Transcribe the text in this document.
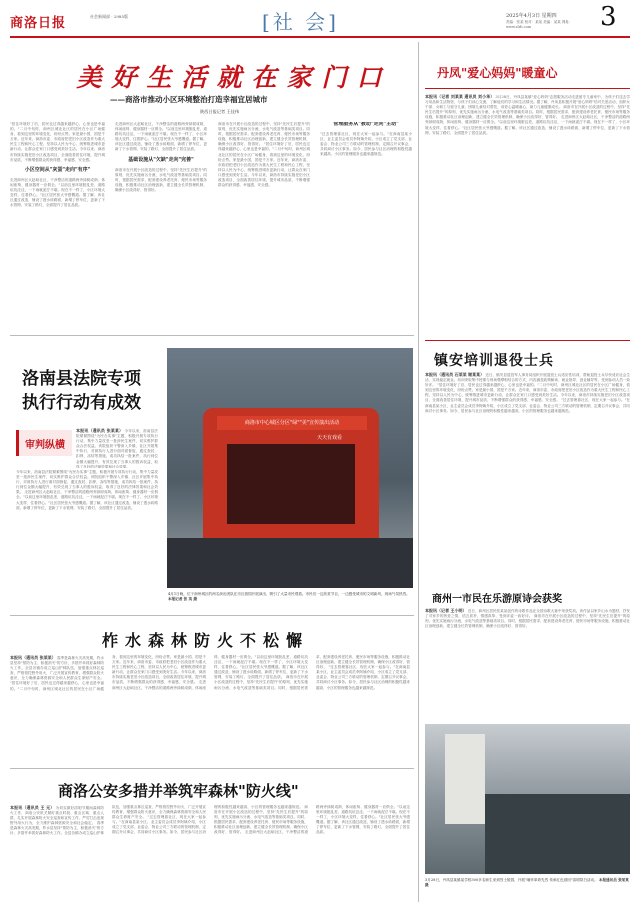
商洛日报	社会新闻部 · 2985版	[社 会]	2025年4月3日 星期四
责编：张某 校对：某某 美编：某某 网址：www.slrb.com	3
美好生活就在家门口
——商洛市推动小区环境整治打造幸福宜居城市
陕西日报记者 王佳伟
"居住环境好了后，居民也过得越来越舒心，心里也是幸福的。"二月中旬时，商州区城北社区的居民在小区广场健身，看到这里的环境变化，纷纷点赞。家是最小国，国是千万家。近年来，商洛市委、市政府把老旧小区改造作为重大民生工程和民心工程，坚持以人民为中心，统筹推进城市更新行动，让群众在家门口感受到美好生活。今年以来，商洛市持续实施老旧小区改造项目，全面改善居住环境，提升城市品质，不断增强群众的获得感、幸福感、安全感。
小区空间从"灰蛋"走向"有序"
走进商州区大赵峪社区，干净整洁的道路两旁绿树成荫，休闲座椅、健身器材一应俱全。"以前这里环境脏乱差，道路坑坑洼洼，一下雨就泥泞不堪。现在不一样了，小区环境大变样，住着舒心。"社区居民张大爷感慨道。据了解，该社区通过改造，铺设了透水砖路面，新增了停车位，更新了下水管网，安装了路灯，全面提升了居住品质。
走进商州区大赵峪社区，干净整洁的道路两旁绿树成荫，休闲座椅、健身器材一应俱全。"以前这里环境脏乱差，道路坑坑洼洼，一下雨就泥泞不堪。现在不一样了，小区环境大变样，住着舒心。"社区居民张大爷感慨道。据了解，该社区通过改造，铺设了透水砖路面，新增了停车位，更新了下水管网，安装了路灯，全面提升了居住品质。
基础设施从"欠缺"走向"完善"
商洛市在开展小区改造的过程中，坚持"先民生后提升"的原则，优先实施雨污分流、水电气改造等基础类项目。同时，根据居民需求，配套建设养老托育、便民市场等服务设施，积极推动社区治理创新，建立健全长效管理机制，确保小区改得好、管得好。
商洛市在开展小区改造的过程中，坚持"先民生后提升"的原则，优先实施雨污分流、水电气改造等基础类项目。同时，根据居民需求，配套建设养老托育、便民市场等服务设施，积极推动社区治理创新，建立健全长效管理机制，确保小区改得好、管得好。 "居住环境好了后，居民也过得越来越舒心，心里也是幸福的。"二月中旬时，商州区城北社区的居民在小区广场健身，看到这里的环境变化，纷纷点赞。家是最小国，国是千万家。近年来，商洛市委、市政府把老旧小区改造作为重大民生工程和民心工程，坚持以人民为中心，统筹推进城市更新行动，让群众在家门口感受到美好生活。今年以来，商洛市持续实施老旧小区改造项目，全面改善居住环境，提升城市品质，不断增强群众的获得感、幸福感、安全感。
管理服务从"被动"走向"主动"
"过去管理靠社区，现在大家一起参与。"在商南县某小区，业主委员会成员李阿姨介绍，小区成立了党支部、业委会、物业公司三方联动的管理机制，定期召开议事会，共同商讨小区事务。如今，居民参与社区治理的积极性越来越高，小区的管理服务也越来越规范。
丹凤"爱心妈妈"暖童心
本报讯（记者 刘某某 通讯员 刘小华） 3月28日，丹凤县某镇"爱心妈妈"志愿服务活动走进留守儿童家中，为孩子们送去学习用品和生活物资，与孩子们谈心交流，了解他们的学习和生活情况。据了解，丹凤县积极开展"爱心妈妈"结对关爱活动，组织女干部、女职工与留守儿童、困境儿童结对帮扶，用爱心温暖童心，助力儿童健康成长。 商洛市在开展小区改造的过程中，坚持"先民生后提升"的原则，优先实施雨污分流、水电气改造等基础类项目。同时，根据居民需求，配套建设养老托育、便民市场等服务设施，积极推动社区治理创新，建立健全长效管理机制，确保小区改得好、管得好。 走进商州区大赵峪社区，干净整洁的道路两旁绿树成荫，休闲座椅、健身器材一应俱全。"以前这里环境脏乱差，道路坑坑洼洼，一下雨就泥泞不堪。现在不一样了，小区环境大变样，住着舒心。"社区居民张大爷感慨道。据了解，该社区通过改造，铺设了透水砖路面，新增了停车位，更新了下水管网，安装了路灯，全面提升了居住品质。
洛南县法院专项
执行行动有成效
审判纵横
本报讯（通讯员 张某某） 今年以来，洛南县法院紧紧围绕"为民办实事"主题，积极开展专项执行行动，集中力量攻坚一批涉民生案件，切实维护群众合法权益。该院组织干警深入乡镇、社区开展集中执行，对被执行人进行面对面督促，通过查封、扣押、冻结等措施，成功执结一批案件，执行到位金额大幅提升，有效兑现了当事人的胜诉权益，取得了良好的法律效果和社会效果。
今年以来，洛南县法院紧紧围绕"为民办实事"主题，积极开展专项执行行动，集中力量攻坚一批涉民生案件，切实维护群众合法权益。该院组织干警深入乡镇、社区开展集中执行，对被执行人进行面对面督促，通过查封、扣押、冻结等措施，成功执结一批案件，执行到位金额大幅提升，有效兑现了当事人的胜诉权益，取得了良好的法律效果和社会效果。 走进商州区大赵峪社区，干净整洁的道路两旁绿树成荫，休闲座椅、健身器材一应俱全。"以前这里环境脏乱差，道路坑坑洼洼，一下雨就泥泞不堪。现在不一样了，小区环境大变样，住着舒心。"社区居民张大爷感慨道。据了解，该社区通过改造，铺设了透水砖路面，新增了停车位，更新了下水管网，安装了路灯，全面提升了居住品质。
商洛市中心城区分区"绿""美"宣传演出活动
天天有戏看
4月1日晚，位于商州城区的两名演出团队在市区游园开展演出，吸引了大量市民观看。市民们一边欣赏节目，一边感受城市的文明新风，现场气氛热烈。 本报记者 张 英 摄
镇安培训退役士兵
本报讯（通讯员 石某某 谢某某） 近日，镇安县退役军人事务局组织开展退役士兵适应性培训，帮助退役士兵尽快适应社会生活、实现稳定就业。培训采取集中授课与现场观摩相结合的方式，内容涵盖政策解读、就业指导、创业辅导等，受到参训人员一致好评。 "居住环境好了后，居民也过得越来越舒心，心里也是幸福的。"二月中旬时，商州区城北社区的居民在小区广场健身，看到这里的环境变化，纷纷点赞。家是最小国，国是千万家。近年来，商洛市委、市政府把老旧小区改造作为重大民生工程和民心工程，坚持以人民为中心，统筹推进城市更新行动，让群众在家门口感受到美好生活。今年以来，商洛市持续实施老旧小区改造项目，全面改善居住环境，提升城市品质，不断增强群众的获得感、幸福感、安全感。 "过去管理靠社区，现在大家一起参与。"在商南县某小区，业主委员会成员李阿姨介绍，小区成立了党支部、业委会、物业公司三方联动的管理机制，定期召开议事会，共同商讨小区事务。如今，居民参与社区治理的积极性越来越高，小区的管理服务也越来越规范。
商州一市民在乐游原诗会获奖
本报讯（记者 王小明） 近日，商州区居民张某某创作的诗歌作品在全国诗歌大赛中荣获奖项。该作品以家乡山水为题材，抒发了对家乡的热爱之情，语言质朴，情感真挚，受到评委一致好评。 商洛市在开展小区改造的过程中，坚持"先民生后提升"的原则，优先实施雨污分流、水电气改造等基础类项目。同时，根据居民需求，配套建设养老托育、便民市场等服务设施，积极推动社区治理创新，建立健全长效管理机制，确保小区改得好、管得好。
柞水森林防火不松懈
本报讯（通讯员 张某某） 春季是森林火灾高发期，柞水县坚持"预防为主、积极消灭"的方针，多措并举抓好森林防火工作。全县各镇办成立巡山护林队伍，加强重点林区巡查，严格管控野外用火，广泛开展宣传教育，增强群众防火意识，全力确保森林资源安全和人民群众生命财产安全。 "居住环境好了后，居民也过得越来越舒心，心里也是幸福的。"二月中旬时，商州区城北社区的居民在小区广场健身，看到这里的环境变化，纷纷点赞。家是最小国，国是千万家。近年来，商洛市委、市政府把老旧小区改造作为重大民生工程和民心工程，坚持以人民为中心，统筹推进城市更新行动，让群众在家门口感受到美好生活。今年以来，商洛市持续实施老旧小区改造项目，全面改善居住环境，提升城市品质，不断增强群众的获得感、幸福感、安全感。 走进商州区大赵峪社区，干净整洁的道路两旁绿树成荫，休闲座椅、健身器材一应俱全。"以前这里环境脏乱差，道路坑坑洼洼，一下雨就泥泞不堪。现在不一样了，小区环境大变样，住着舒心。"社区居民张大爷感慨道。据了解，该社区通过改造，铺设了透水砖路面，新增了停车位，更新了下水管网，安装了路灯，全面提升了居住品质。 商洛市在开展小区改造的过程中，坚持"先民生后提升"的原则，优先实施雨污分流、水电气改造等基础类项目。同时，根据居民需求，配套建设养老托育、便民市场等服务设施，积极推动社区治理创新，建立健全长效管理机制，确保小区改得好、管得好。 "过去管理靠社区，现在大家一起参与。"在商南县某小区，业主委员会成员李阿姨介绍，小区成立了党支部、业委会、物业公司三方联动的管理机制，定期召开议事会，共同商讨小区事务。如今，居民参与社区治理的积极性越来越高，小区的管理服务也越来越规范。
商洛公安多措并举筑牢森林"防火线"
本报讯（通讯员 王 元） 为切实做好清明节期间森林防火工作，商洛公安机关紧盯重点时段、重点区域、重点人群，扎实开展森林防火安全巡查和宣传工作，严厉打击违规野外用火行为，全力维护森林资源安全和社会稳定。 春季是森林火灾高发期，柞水县坚持"预防为主、积极消灭"的方针，多措并举抓好森林防火工作。全县各镇办成立巡山护林队伍，加强重点林区巡查，严格管控野外用火，广泛开展宣传教育，增强群众防火意识，全力确保森林资源安全和人民群众生命财产安全。 "过去管理靠社区，现在大家一起参与。"在商南县某小区，业主委员会成员李阿姨介绍，小区成立了党支部、业委会、物业公司三方联动的管理机制，定期召开议事会，共同商讨小区事务。如今，居民参与社区治理的积极性越来越高，小区的管理服务也越来越规范。 商洛市在开展小区改造的过程中，坚持"先民生后提升"的原则，优先实施雨污分流、水电气改造等基础类项目。同时，根据居民需求，配套建设养老托育、便民市场等服务设施，积极推动社区治理创新，建立健全长效管理机制，确保小区改得好、管得好。 走进商州区大赵峪社区，干净整洁的道路两旁绿树成荫，休闲座椅、健身器材一应俱全。"以前这里环境脏乱差，道路坑坑洼洼，一下雨就泥泞不堪。现在不一样了，小区环境大变样，住着舒心。"社区居民张大爷感慨道。据了解，该社区通过改造，铺设了透水砖路面，新增了停车位，更新了下水管网，安装了路灯，全面提升了居住品质。
3月28日，丹凤县某镇某学校300多名师生来到烈士陵园，开展"缅怀革命先烈 传承红色基因"清明祭扫活动。 本报通讯员 张某某 摄
